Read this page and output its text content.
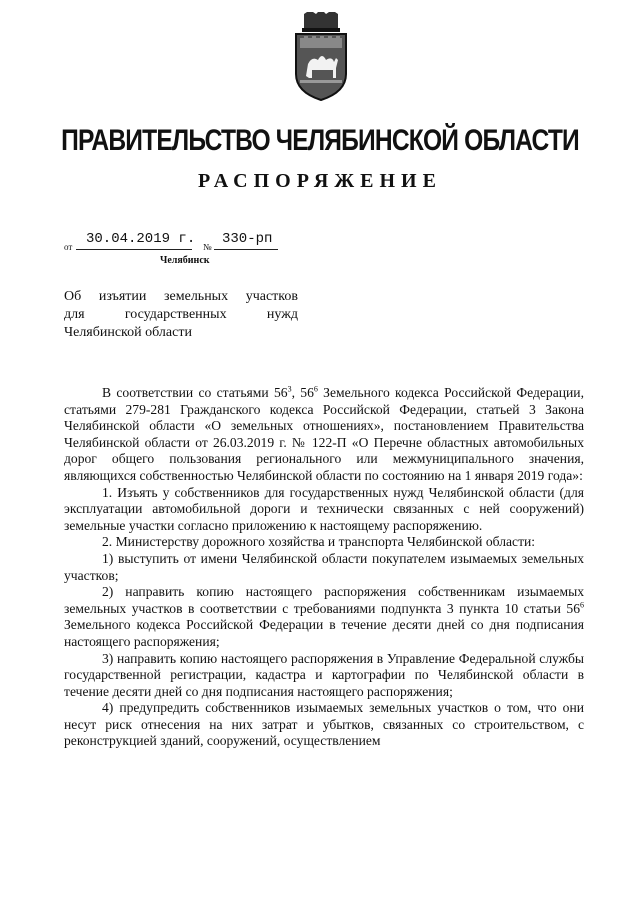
ПРАВИТЕЛЬСТВО ЧЕЛЯБИНСКОЙ ОБЛАСТИ
РАСПОРЯЖЕНИЕ
от 30.04.2019 г. № 330-рп
Челябинск
Об изъятии земельных участков
для государственных нужд
Челябинской области

В соответствии со статьями $56^3$, $56^6$ Земельного кодекса Российской Федерации, статьями 279-281 Гражданского кодекса Российской Федерации, статьей 3 Закона Челябинской области «О земельных отношениях», постановлением Правительства Челябинской области от 26.03.2019 г. № 122-П «О Перечне областных автомобильных дорог общего пользования регионального или межмуниципального значения, являющихся собственностью Челябинской области по состоянию на 1 января 2019 года»:

1. Изъять у собственников для государственных нужд Челябинской области (для эксплуатации автомобильной дороги и технически связанных с ней сооружений) земельные участки согласно приложению к настоящему распоряжению.

2. Министерству дорожного хозяйства и транспорта Челябинской области:

1) выступить от имени Челябинской области покупателем изымаемых земельных участков;

2) направить копию настоящего распоряжения собственникам изымаемых земельных участков в соответствии с требованиями подпункта 3 пункта 10 статьи $56^6$ Земельного кодекса Российской Федерации в течение десяти дней со дня подписания настоящего распоряжения;

3) направить копию настоящего распоряжения в Управление Федеральной службы государственной регистрации, кадастра и картографии по Челябинской области в течение десяти дней со дня подписания настоящего распоряжения;

4) предупредить собственников изымаемых земельных участков о том, что они несут риск отнесения на них затрат и убытков, связанных со строительством, с реконструкцией зданий, сооружений, осуществлением
